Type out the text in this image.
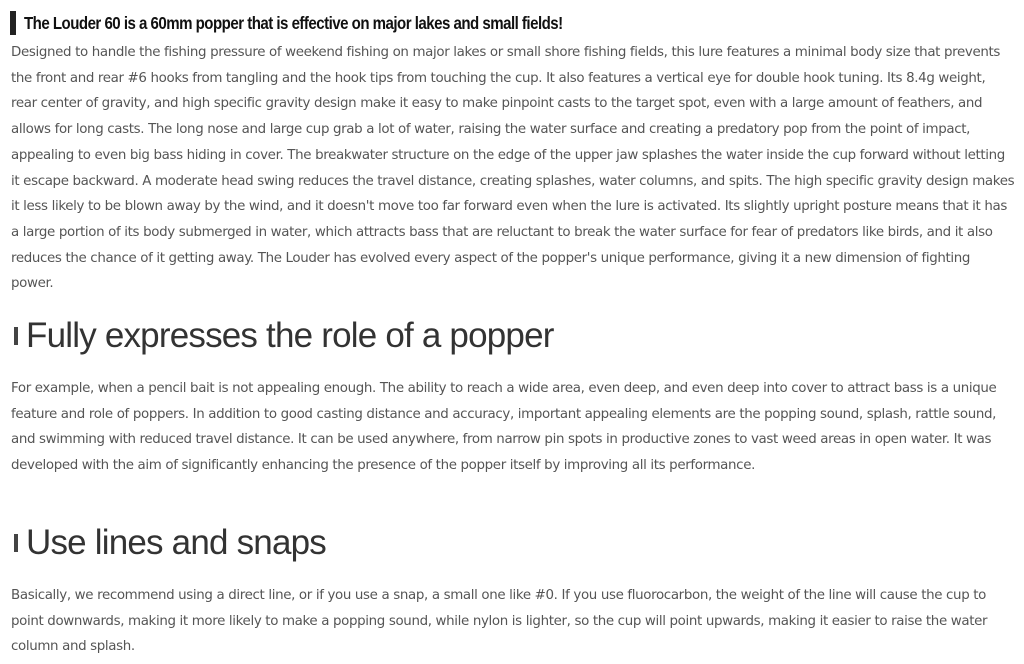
The Louder 60 is a 60mm popper that is effective on major lakes and small fields!

Designed to handle the fishing pressure of weekend fishing on major lakes or small shore fishing fields, this lure features a minimal body size that prevents the front and rear #6 hooks from tangling and the hook tips from touching the cup. It also features a vertical eye for double hook tuning. Its 8.4g weight, rear center of gravity, and high specific gravity design make it easy to make pinpoint casts to the target spot, even with a large amount of feathers, and allows for long casts. The long nose and large cup grab a lot of water, raising the water surface and creating a predatory pop from the point of impact, appealing to even big bass hiding in cover. The breakwater structure on the edge of the upper jaw splashes the water inside the cup forward without letting it escape backward. A moderate head swing reduces the travel distance, creating splashes, water columns, and spits. The high specific gravity design makes it less likely to be blown away by the wind, and it doesn't move too far forward even when the lure is activated. Its slightly upright posture means that it has a large portion of its body submerged in water, which attracts bass that are reluctant to break the water surface for fear of predators like birds, and it also reduces the chance of it getting away. The Louder has evolved every aspect of the popper's unique performance, giving it a new dimension of fighting power.

Fully expresses the role of a popper

For example, when a pencil bait is not appealing enough. The ability to reach a wide area, even deep, and even deep into cover to attract bass is a unique feature and role of poppers. In addition to good casting distance and accuracy, important appealing elements are the popping sound, splash, rattle sound, and swimming with reduced travel distance. It can be used anywhere, from narrow pin spots in productive zones to vast weed areas in open water. It was developed with the aim of significantly enhancing the presence of the popper itself by improving all its performance.

Use lines and snaps

Basically, we recommend using a direct line, or if you use a snap, a small one like #0. If you use fluorocarbon, the weight of the line will cause the cup to point downwards, making it more likely to make a popping sound, while nylon is lighter, so the cup will point upwards, making it easier to raise the water column and splash.
